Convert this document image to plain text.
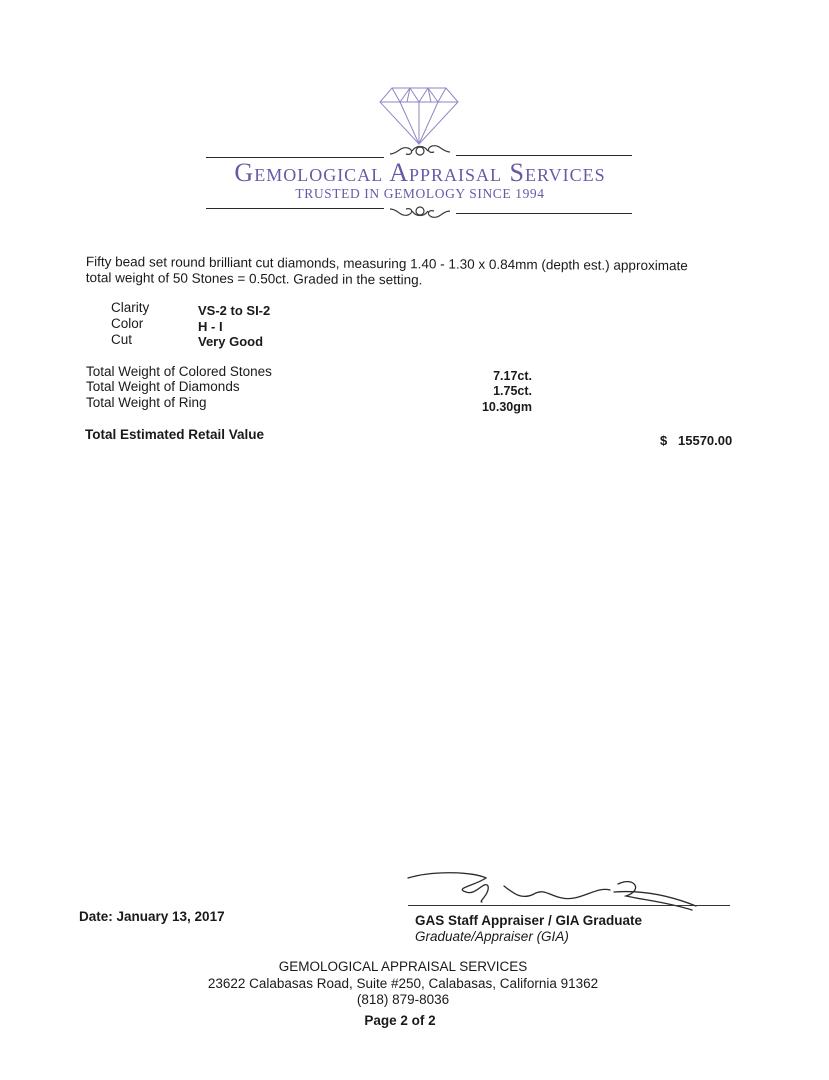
Gemological Appraisal Services
TRUSTED IN GEMOLOGY SINCE 1994
Fifty bead set round brilliant cut diamonds, measuring 1.40 - 1.30 x 0.84mm (depth est.) approximate
total weight of 50 Stones = 0.50ct. Graded in the setting.
Clarity	VS-2 to SI-2
Color	H - I
Cut	Very Good
Total Weight of Colored Stones	7.17ct.
Total Weight of Diamonds	1.75ct.
Total Weight of Ring	10.30gm
Total Estimated Retail Value	$ 15570.00
Date: January 13, 2017	GAS Staff Appraiser / GIA Graduate
Graduate/Appraiser (GIA)
GEMOLOGICAL APPRAISAL SERVICES
23622 Calabasas Road, Suite #250, Calabasas, California 91362
(818) 879-8036
Page 2 of 2
